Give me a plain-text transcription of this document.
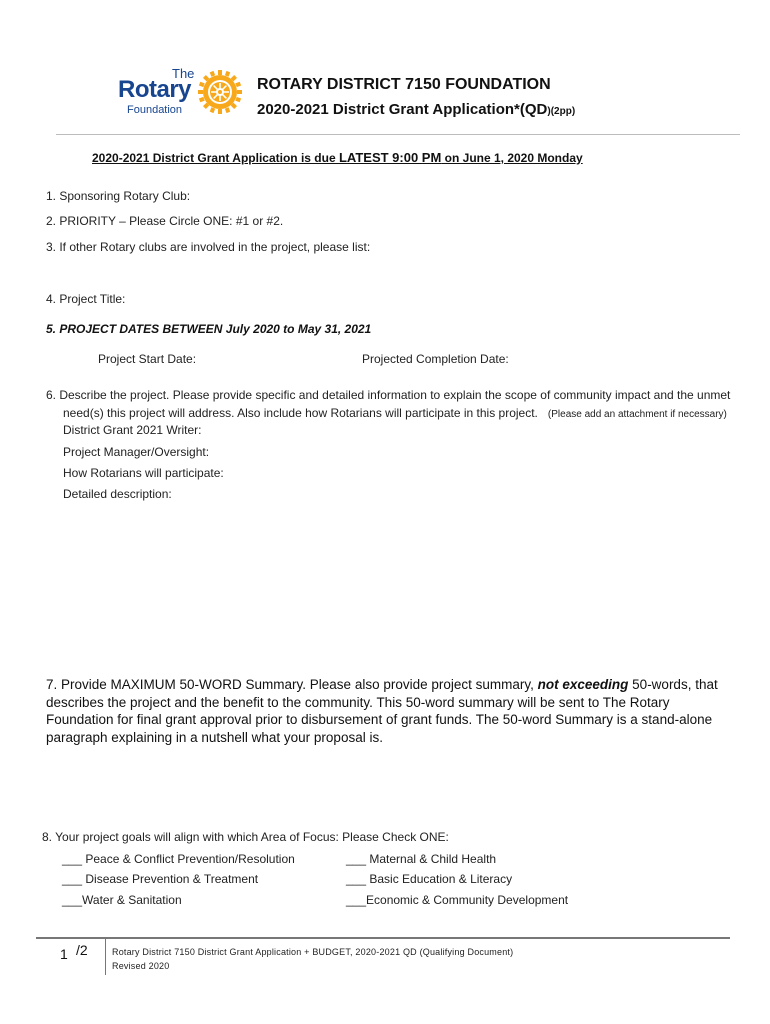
The
Rotary
Foundation
ROTARY DISTRICT 7150 FOUNDATION
2020-2021 District Grant Application*(QD)(2pp)
2020-2021 District Grant Application is due LATEST 9:00 PM on June 1, 2020 Monday
1. Sponsoring Rotary Club:
2. PRIORITY – Please Circle ONE: #1 or #2.
3. If other Rotary clubs are involved in the project, please list:
4. Project Title:
5. PROJECT DATES BETWEEN July 2020 to May 31, 2021
Project Start Date:	Projected Completion Date:
6. Describe the project. Please provide specific and detailed information to explain the scope of community impact and the unmet
need(s) this project will address. Also include how Rotarians will participate in this project. (Please add an attachment if necessary)
District Grant 2021 Writer:
Project Manager/Oversight:
How Rotarians will participate:
Detailed description:
7. Provide MAXIMUM 50-WORD Summary. Please also provide project summary, not exceeding 50-words, that describes the project and the benefit to the community. This 50-word summary will be sent to The Rotary Foundation for final grant approval prior to disbursement of grant funds. The 50-word Summary is a stand-alone paragraph explaining in a nutshell what your proposal is.
8. Your project goals will align with which Area of Focus: Please Check ONE:
___ Peace & Conflict Prevention/Resolution
___ Disease Prevention & Treatment
___Water & Sanitation
___ Maternal & Child Health
___ Basic Education & Literacy
___Economic & Community Development
1 /2	Rotary District 7150 District Grant Application + BUDGET, 2020-2021 QD (Qualifying Document)
Revised 2020
